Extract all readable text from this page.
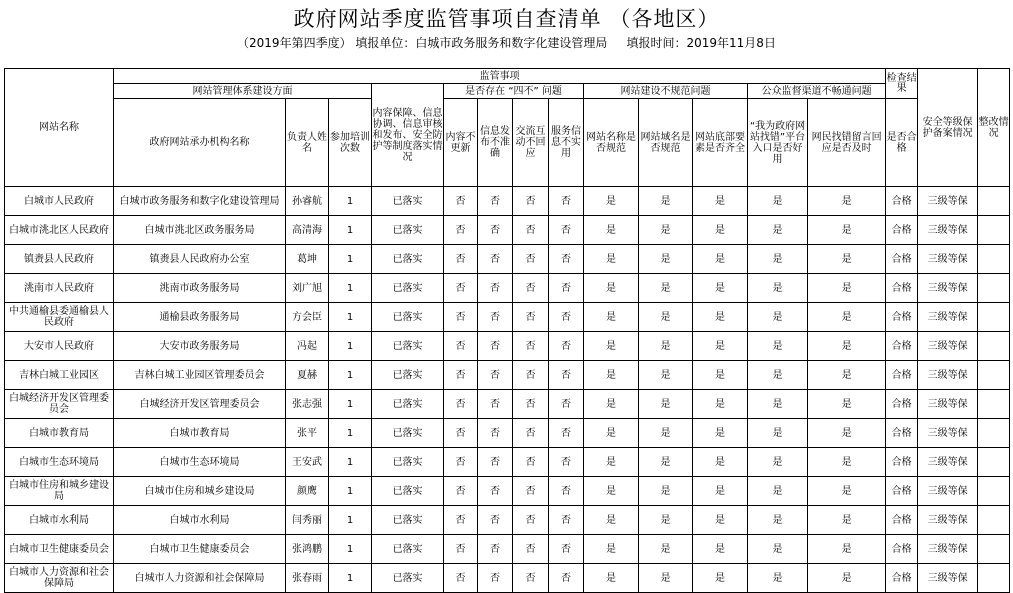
政府网站季度监管事项自查清单 （各地区）
（2019年第四季度） 填报单位：白城市政务服务和数字化建设管理局 填报时间：2019年11月8日
网站名称	监管事项													检查结果	安全等级保护备案情况	整改情况
	网站管理体系建设方面			内容保障、信息协调、信息审核和发布、安全防护等制度落实情况	是否存在 “四不” 问题				网站建设不规范问题			公众监督渠道不畅通问题				
	政府网站承办机构名称	负责人姓名	参加培训次数		内容不更新	信息发布不准确	交流互动不回应	服务信息不实用	网站名称是否规范	网站域名是否规范	网站底部要素是否齐全	“我为政府网站找错”平台入口是否好用	网民找错留言回应是否及时	是否合格		
白城市人民政府	白城市政务服务和数字化建设管理局	孙睿航	1	已落实	否	否	否	否	是	是	是	是	是	合格	三级等保	
白城市洮北区人民政府	白城市洮北区政务服务局	高清海	1	已落实	否	否	否	否	是	是	是	是	是	合格	三级等保	
镇赉县人民政府	镇赉县人民政府办公室	葛坤	1	已落实	否	否	否	否	是	是	是	是	是	合格	三级等保	
洮南市人民政府	洮南市政务服务局	刘广旭	1	已落实	否	否	否	否	是	是	是	是	是	合格	三级等保	
中共通榆县委通榆县人民政府	通榆县政务服务局	方会臣	1	已落实	否	否	否	否	是	是	是	是	是	合格	三级等保	
大安市人民政府	大安市政务服务局	冯起	1	已落实	否	否	否	否	是	是	是	是	是	合格	三级等保	
吉林白城工业园区	吉林白城工业园区管理委员会	夏赫	1	已落实	否	否	否	否	是	是	是	是	是	合格	三级等保	
白城经济开发区管理委员会	白城经济开发区管理委员会	张志强	1	已落实	否	否	否	否	是	是	是	是	是	合格	三级等保	
白城市教育局	白城市教育局	张平	1	已落实	否	否	否	否	是	是	是	是	是	合格	三级等保	
白城市生态环境局	白城市生态环境局	王安武	1	已落实	否	否	否	否	是	是	是	是	是	合格	三级等保	
白城市住房和城乡建设局	白城市住房和城乡建设局	颜鹰	1	已落实	否	否	否	否	是	是	是	是	是	合格	三级等保	
白城市水利局	白城市水利局	闫秀丽	1	已落实	否	否	否	否	是	是	是	是	是	合格	三级等保	
白城市卫生健康委员会	白城市卫生健康委员会	张鸿鹏	1	已落实	否	否	否	否	是	是	是	是	是	合格	三级等保	
白城市人力资源和社会保障局	白城市人力资源和社会保障局	张春雨	1	已落实	否	否	否	否	是	是	是	是	是	合格	三级等保	
